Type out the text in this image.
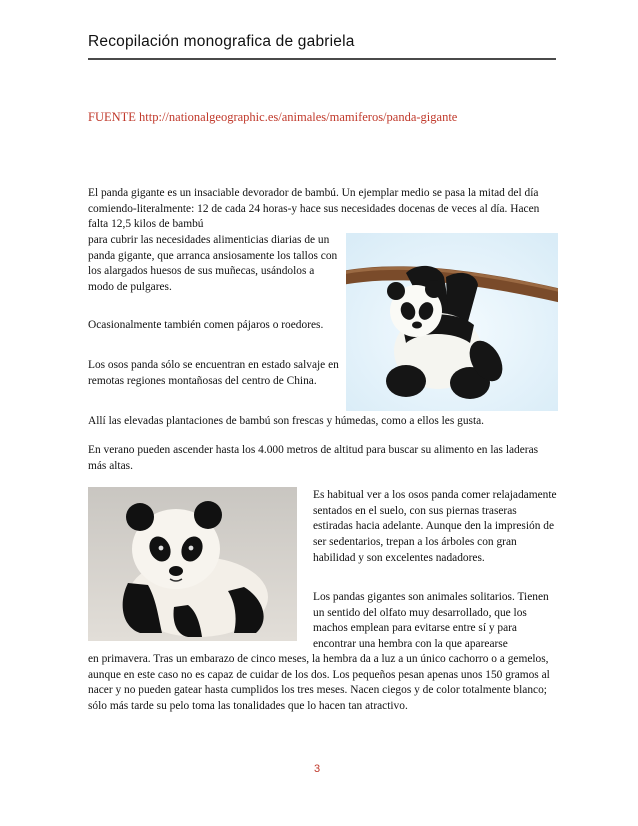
Recopilación monografica de gabriela
FUENTE http://nationalgeographic.es/animales/mamiferos/panda-gigante

El panda gigante es un insaciable devorador de bambú. Un ejemplar medio se pasa la mitad del día comiendo-literalmente: 12 de cada 24 horas-y hace sus necesidades docenas de veces al día. Hacen falta 12,5 kilos de bambú

para cubrir las necesidades alimenticias diarias de un panda gigante, que arranca ansiosamente los tallos con los alargados huesos de sus muñecas, usándolos a modo de pulgares.

Ocasionalmente también comen pájaros o roedores.

Los osos panda sólo se encuentran en estado salvaje en remotas regiones montañosas del centro de China.

Allí las elevadas plantaciones de bambú son frescas y húmedas, como a ellos les gusta.

En verano pueden ascender hasta los 4.000 metros de altitud para buscar su alimento en las laderas más altas.

Es habitual ver a los osos panda comer relajadamente sentados en el suelo, con sus piernas traseras estiradas hacia adelante. Aunque den la impresión de ser sedentarios, trepan a los árboles con gran habilidad y son excelentes nadadores.

Los pandas gigantes son animales solitarios. Tienen un sentido del olfato muy desarrollado, que los machos emplean para evitarse entre sí y para encontrar una hembra con la que aparearse

en primavera. Tras un embarazo de cinco meses, la hembra da a luz a un único cachorro o a gemelos, aunque en este caso no es capaz de cuidar de los dos. Los pequeños pesan apenas unos 150 gramos al nacer y no pueden gatear hasta cumplidos los tres meses. Nacen ciegos y de color totalmente blanco; sólo más tarde su pelo toma las tonalidades que lo hacen tan atractivo.

3
